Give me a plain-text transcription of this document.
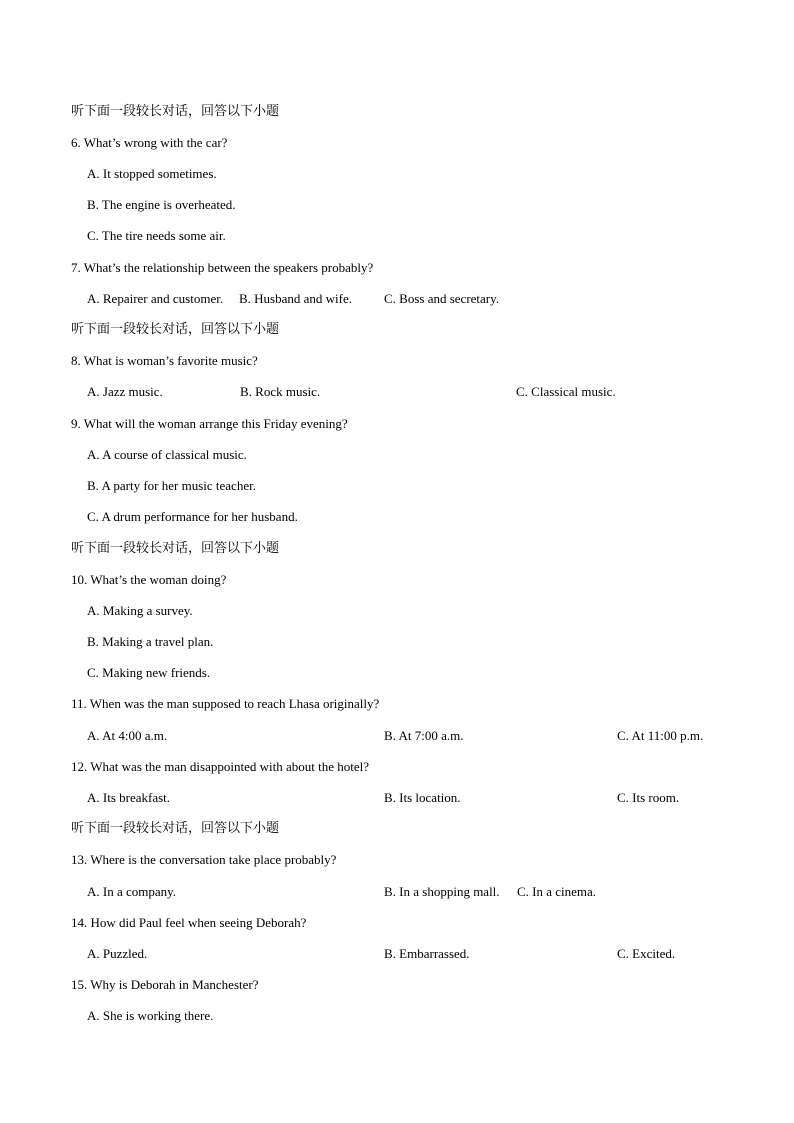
听下面一段较长对话，回答以下小题
6. What’s wrong with the car?
A. It stopped sometimes.
B. The engine is overheated.
C. The tire needs some air.
7. What’s the relationship between the speakers probably?
A. Repairer and customer. B. Husband and wife. C. Boss and secretary.
听下面一段较长对话，回答以下小题
8. What is woman’s favorite music?
A. Jazz music.	B. Rock music.	C. Classical music.
9. What will the woman arrange this Friday evening?
A. A course of classical music.
B. A party for her music teacher.
C. A drum performance for her husband.
听下面一段较长对话，回答以下小题
10. What’s the woman doing?
A. Making a survey.
B. Making a travel plan.
C. Making new friends.
11. When was the man supposed to reach Lhasa originally?
A. At 4:00 a.m.	B. At 7:00 a.m.	C. At 11:00 p.m.
12. What was the man disappointed with about the hotel?
A. Its breakfast.	B. Its location.	C. Its room.
听下面一段较长对话，回答以下小题
13. Where is the conversation take place probably?
A. In a company.	B. In a shopping mall. C. In a cinema.
14. How did Paul feel when seeing Deborah?
A. Puzzled.	B. Embarrassed.	C. Excited.
15. Why is Deborah in Manchester?
A. She is working there.
